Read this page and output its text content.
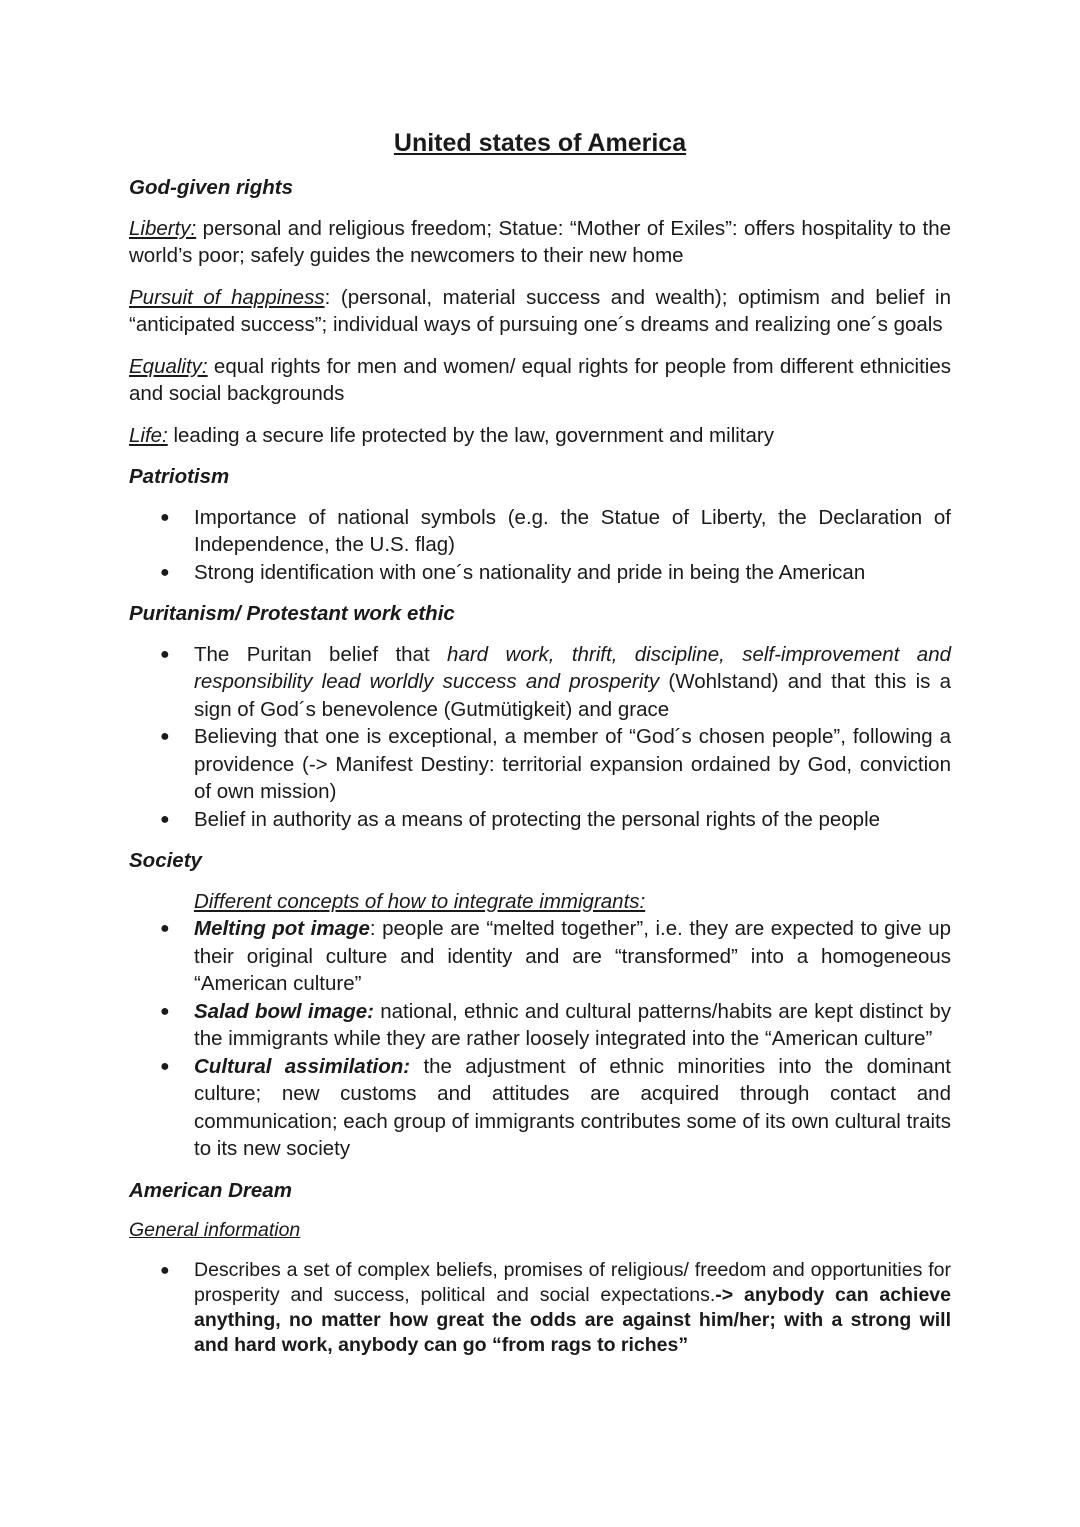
United states of America
God-given rights

Liberty: personal and religious freedom; Statue: “Mother of Exiles”: offers hospitality to the world’s poor; safely guides the newcomers to their new home

Pursuit of happiness: (personal, material success and wealth); optimism and belief in “anticipated success”; individual ways of pursuing one´s dreams and realizing one´s goals

Equality: equal rights for men and women/ equal rights for people from different ethnicities and social backgrounds

Life: leading a secure life protected by the law, government and military

Patriotism
● Importance of national symbols (e.g. the Statue of Liberty, the Declaration of Independence, the U.S. flag)
● Strong identification with one´s nationality and pride in being the American
Puritanism/ Protestant work ethic
● The Puritan belief that hard work, thrift, discipline, self-improvement and responsibility lead worldly success and prosperity (Wohlstand) and that this is a sign of God´s benevolence (Gutmütigkeit) and grace
● Believing that one is exceptional, a member of “God´s chosen people”, following a providence (-> Manifest Destiny: territorial expansion ordained by God, conviction of own mission)
● Belief in authority as a means of protecting the personal rights of the people
Society
Different concepts of how to integrate immigrants:
● Melting pot image: people are “melted together”, i.e. they are expected to give up their original culture and identity and are “transformed” into a homogeneous “American culture”
● Salad bowl image: national, ethnic and cultural patterns/habits are kept distinct by the immigrants while they are rather loosely integrated into the “American culture”
● Cultural assimilation: the adjustment of ethnic minorities into the dominant culture; new customs and attitudes are acquired through contact and communication; each group of immigrants contributes some of its own cultural traits to its new society
American Dream
General information
● Describes a set of complex beliefs, promises of religious/ freedom and opportunities for prosperity and success, political and social expectations.-> anybody can achieve anything, no matter how great the odds are against him/her; with a strong will and hard work, anybody can go “from rags to riches”
